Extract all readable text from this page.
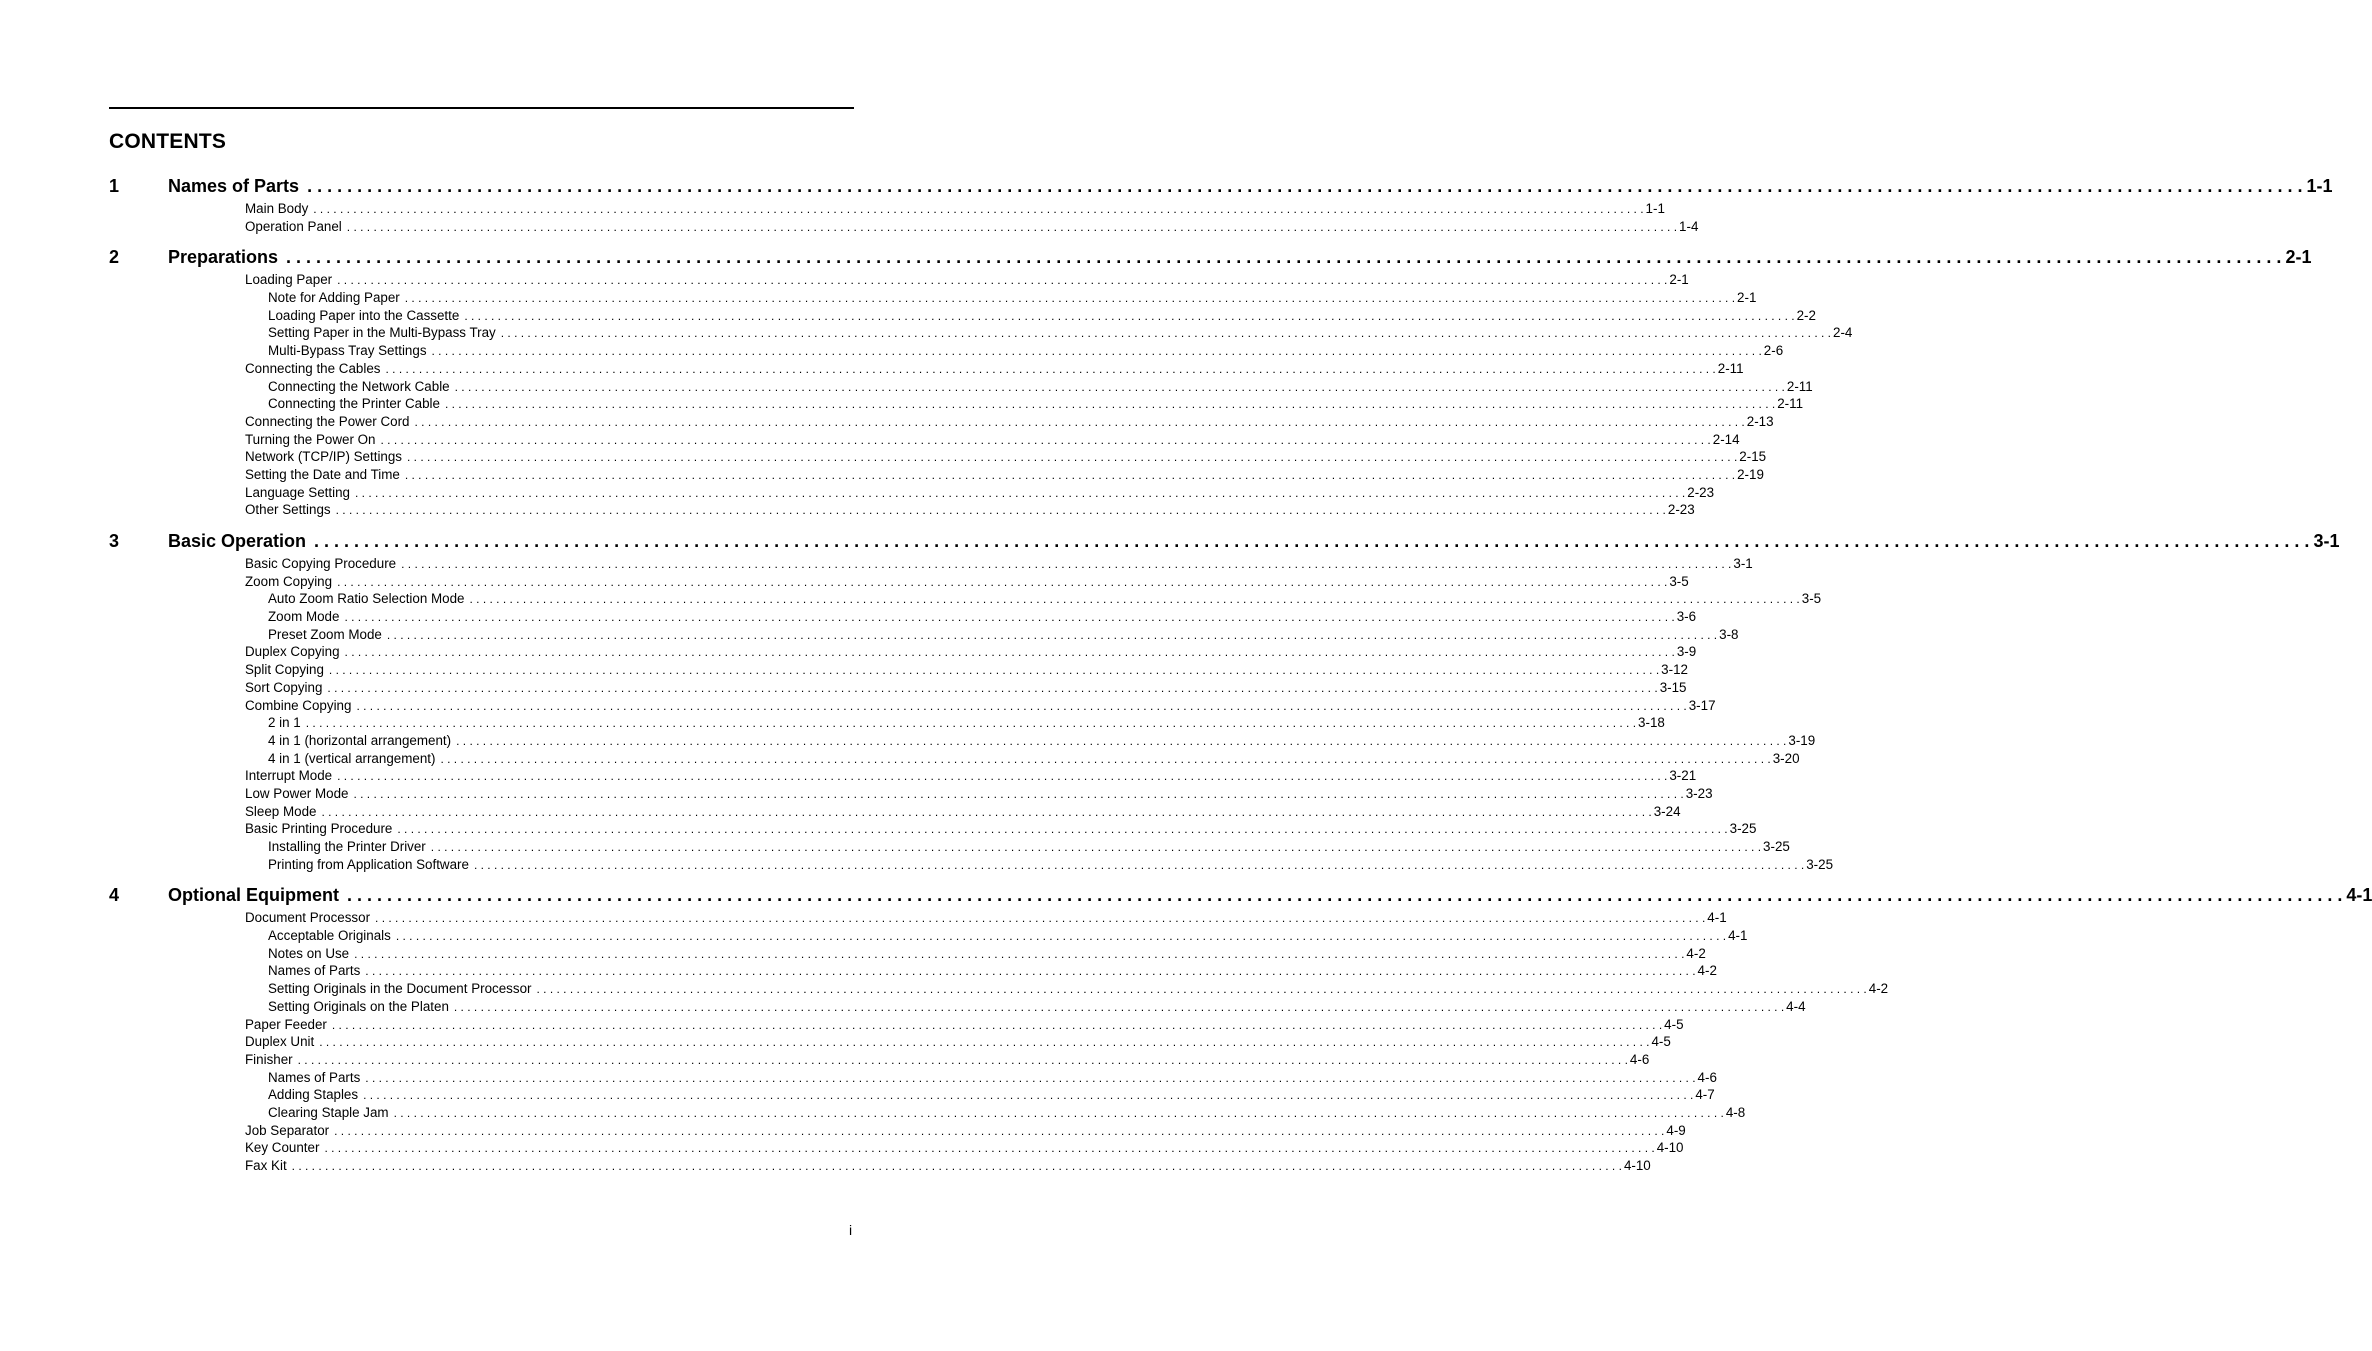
CONTENTS
1	Names of Parts . . . . . . . . . . . . . . . . . . . . . . . . . . . . . . . . . . . . . . . . . . . . . . . . . . . . . . . . . . . . . . . . . . . . . . . . . . . . . . . . . . . . . . . . . . . . . . . . . . . . . . . . . . . . . . . . . . . . . . . . . . . . . . . . . . . . . . . . . . . . . . . . . . . . . . . . . . . . . . . . . . . . . . . . . . . . . . . . . . . . . . . . . . . . . . . . . . . . . . . . 1-1
Main Body . . . . . . . . . . . . . . . . . . . . . . . . . . . . . . . . . . . . . . . . . . . . . . . . . . . . . . . . . . . . . . . . . . . . . . . . . . . . . . . . . . . . . . . . . . . . . . . . . . . . . . . . . . . . . . . . . . . . . . . . . . . . . . . . . . . . . . . . . . . . . . . . . . . . . . . . . . . . . . . . . . . . . . . . . . . . . . . . . . . . . . . . . . . . . . . . . . . . . . . . 1-1
Operation Panel . . . . . . . . . . . . . . . . . . . . . . . . . . . . . . . . . . . . . . . . . . . . . . . . . . . . . . . . . . . . . . . . . . . . . . . . . . . . . . . . . . . . . . . . . . . . . . . . . . . . . . . . . . . . . . . . . . . . . . . . . . . . . . . . . . . . . . . . . . . . . . . . . . . . . . . . . . . . . . . . . . . . . . . . . . . . . . . . . . . . . . . . . . . . . . . . . . . . . . . . 1-4
2	Preparations . . . . . . . . . . . . . . . . . . . . . . . . . . . . . . . . . . . . . . . . . . . . . . . . . . . . . . . . . . . . . . . . . . . . . . . . . . . . . . . . . . . . . . . . . . . . . . . . . . . . . . . . . . . . . . . . . . . . . . . . . . . . . . . . . . . . . . . . . . . . . . . . . . . . . . . . . . . . . . . . . . . . . . . . . . . . . . . . . . . . . . . . . . . . . . . . . . . . . . . . 2-1
Loading Paper . . . . . . . . . . . . . . . . . . . . . . . . . . . . . . . . . . . . . . . . . . . . . . . . . . . . . . . . . . . . . . . . . . . . . . . . . . . . . . . . . . . . . . . . . . . . . . . . . . . . . . . . . . . . . . . . . . . . . . . . . . . . . . . . . . . . . . . . . . . . . . . . . . . . . . . . . . . . . . . . . . . . . . . . . . . . . . . . . . . . . . . . . . . . . . . . . . . . . . . . 2-1
Note for Adding Paper . . . . . . . . . . . . . . . . . . . . . . . . . . . . . . . . . . . . . . . . . . . . . . . . . . . . . . . . . . . . . . . . . . . . . . . . . . . . . . . . . . . . . . . . . . . . . . . . . . . . . . . . . . . . . . . . . . . . . . . . . . . . . . . . . . . . . . . . . . . . . . . . . . . . . . . . . . . . . . . . . . . . . . . . . . . . . . . . . . . . . . . . . . . . . . . . . . . . . . . . 2-1
Loading Paper into the Cassette . . . . . . . . . . . . . . . . . . . . . . . . . . . . . . . . . . . . . . . . . . . . . . . . . . . . . . . . . . . . . . . . . . . . . . . . . . . . . . . . . . . . . . . . . . . . . . . . . . . . . . . . . . . . . . . . . . . . . . . . . . . . . . . . . . . . . . . . . . . . . . . . . . . . . . . . . . . . . . . . . . . . . . . . . . . . . . . . . . . . . . . . . . . . . . . . . . . . . . . . 2-2
Setting Paper in the Multi-Bypass Tray . . . . . . . . . . . . . . . . . . . . . . . . . . . . . . . . . . . . . . . . . . . . . . . . . . . . . . . . . . . . . . . . . . . . . . . . . . . . . . . . . . . . . . . . . . . . . . . . . . . . . . . . . . . . . . . . . . . . . . . . . . . . . . . . . . . . . . . . . . . . . . . . . . . . . . . . . . . . . . . . . . . . . . . . . . . . . . . . . . . . . . . . . . . . . . . . . . . . . . . . 2-4
Multi-Bypass Tray Settings . . . . . . . . . . . . . . . . . . . . . . . . . . . . . . . . . . . . . . . . . . . . . . . . . . . . . . . . . . . . . . . . . . . . . . . . . . . . . . . . . . . . . . . . . . . . . . . . . . . . . . . . . . . . . . . . . . . . . . . . . . . . . . . . . . . . . . . . . . . . . . . . . . . . . . . . . . . . . . . . . . . . . . . . . . . . . . . . . . . . . . . . . . . . . . . . . . . . . . . . 2-6
Connecting the Cables . . . . . . . . . . . . . . . . . . . . . . . . . . . . . . . . . . . . . . . . . . . . . . . . . . . . . . . . . . . . . . . . . . . . . . . . . . . . . . . . . . . . . . . . . . . . . . . . . . . . . . . . . . . . . . . . . . . . . . . . . . . . . . . . . . . . . . . . . . . . . . . . . . . . . . . . . . . . . . . . . . . . . . . . . . . . . . . . . . . . . . . . . . . . . . . . . . . . . . . . 2-11
Connecting the Network Cable . . . . . . . . . . . . . . . . . . . . . . . . . . . . . . . . . . . . . . . . . . . . . . . . . . . . . . . . . . . . . . . . . . . . . . . . . . . . . . . . . . . . . . . . . . . . . . . . . . . . . . . . . . . . . . . . . . . . . . . . . . . . . . . . . . . . . . . . . . . . . . . . . . . . . . . . . . . . . . . . . . . . . . . . . . . . . . . . . . . . . . . . . . . . . . . . . . . . . . . . 2-11
Connecting the Printer Cable . . . . . . . . . . . . . . . . . . . . . . . . . . . . . . . . . . . . . . . . . . . . . . . . . . . . . . . . . . . . . . . . . . . . . . . . . . . . . . . . . . . . . . . . . . . . . . . . . . . . . . . . . . . . . . . . . . . . . . . . . . . . . . . . . . . . . . . . . . . . . . . . . . . . . . . . . . . . . . . . . . . . . . . . . . . . . . . . . . . . . . . . . . . . . . . . . . . . . . . . 2-11
Connecting the Power Cord . . . . . . . . . . . . . . . . . . . . . . . . . . . . . . . . . . . . . . . . . . . . . . . . . . . . . . . . . . . . . . . . . . . . . . . . . . . . . . . . . . . . . . . . . . . . . . . . . . . . . . . . . . . . . . . . . . . . . . . . . . . . . . . . . . . . . . . . . . . . . . . . . . . . . . . . . . . . . . . . . . . . . . . . . . . . . . . . . . . . . . . . . . . . . . . . . . . . . . . . 2-13
Turning the Power On . . . . . . . . . . . . . . . . . . . . . . . . . . . . . . . . . . . . . . . . . . . . . . . . . . . . . . . . . . . . . . . . . . . . . . . . . . . . . . . . . . . . . . . . . . . . . . . . . . . . . . . . . . . . . . . . . . . . . . . . . . . . . . . . . . . . . . . . . . . . . . . . . . . . . . . . . . . . . . . . . . . . . . . . . . . . . . . . . . . . . . . . . . . . . . . . . . . . . . . . 2-14
Network (TCP/IP) Settings . . . . . . . . . . . . . . . . . . . . . . . . . . . . . . . . . . . . . . . . . . . . . . . . . . . . . . . . . . . . . . . . . . . . . . . . . . . . . . . . . . . . . . . . . . . . . . . . . . . . . . . . . . . . . . . . . . . . . . . . . . . . . . . . . . . . . . . . . . . . . . . . . . . . . . . . . . . . . . . . . . . . . . . . . . . . . . . . . . . . . . . . . . . . . . . . . . . . . . . . 2-15
Setting the Date and Time . . . . . . . . . . . . . . . . . . . . . . . . . . . . . . . . . . . . . . . . . . . . . . . . . . . . . . . . . . . . . . . . . . . . . . . . . . . . . . . . . . . . . . . . . . . . . . . . . . . . . . . . . . . . . . . . . . . . . . . . . . . . . . . . . . . . . . . . . . . . . . . . . . . . . . . . . . . . . . . . . . . . . . . . . . . . . . . . . . . . . . . . . . . . . . . . . . . . . . . . 2-19
Language Setting . . . . . . . . . . . . . . . . . . . . . . . . . . . . . . . . . . . . . . . . . . . . . . . . . . . . . . . . . . . . . . . . . . . . . . . . . . . . . . . . . . . . . . . . . . . . . . . . . . . . . . . . . . . . . . . . . . . . . . . . . . . . . . . . . . . . . . . . . . . . . . . . . . . . . . . . . . . . . . . . . . . . . . . . . . . . . . . . . . . . . . . . . . . . . . . . . . . . . . . . 2-23
Other Settings . . . . . . . . . . . . . . . . . . . . . . . . . . . . . . . . . . . . . . . . . . . . . . . . . . . . . . . . . . . . . . . . . . . . . . . . . . . . . . . . . . . . . . . . . . . . . . . . . . . . . . . . . . . . . . . . . . . . . . . . . . . . . . . . . . . . . . . . . . . . . . . . . . . . . . . . . . . . . . . . . . . . . . . . . . . . . . . . . . . . . . . . . . . . . . . . . . . . . . . . 2-23
3	Basic Operation . . . . . . . . . . . . . . . . . . . . . . . . . . . . . . . . . . . . . . . . . . . . . . . . . . . . . . . . . . . . . . . . . . . . . . . . . . . . . . . . . . . . . . . . . . . . . . . . . . . . . . . . . . . . . . . . . . . . . . . . . . . . . . . . . . . . . . . . . . . . . . . . . . . . . . . . . . . . . . . . . . . . . . . . . . . . . . . . . . . . . . . . . . . . . . . . . . . . . . . . 3-1
Basic Copying Procedure . . . . . . . . . . . . . . . . . . . . . . . . . . . . . . . . . . . . . . . . . . . . . . . . . . . . . . . . . . . . . . . . . . . . . . . . . . . . . . . . . . . . . . . . . . . . . . . . . . . . . . . . . . . . . . . . . . . . . . . . . . . . . . . . . . . . . . . . . . . . . . . . . . . . . . . . . . . . . . . . . . . . . . . . . . . . . . . . . . . . . . . . . . . . . . . . . . . . . . . . 3-1
Zoom Copying . . . . . . . . . . . . . . . . . . . . . . . . . . . . . . . . . . . . . . . . . . . . . . . . . . . . . . . . . . . . . . . . . . . . . . . . . . . . . . . . . . . . . . . . . . . . . . . . . . . . . . . . . . . . . . . . . . . . . . . . . . . . . . . . . . . . . . . . . . . . . . . . . . . . . . . . . . . . . . . . . . . . . . . . . . . . . . . . . . . . . . . . . . . . . . . . . . . . . . . . 3-5
Auto Zoom Ratio Selection Mode . . . . . . . . . . . . . . . . . . . . . . . . . . . . . . . . . . . . . . . . . . . . . . . . . . . . . . . . . . . . . . . . . . . . . . . . . . . . . . . . . . . . . . . . . . . . . . . . . . . . . . . . . . . . . . . . . . . . . . . . . . . . . . . . . . . . . . . . . . . . . . . . . . . . . . . . . . . . . . . . . . . . . . . . . . . . . . . . . . . . . . . . . . . . . . . . . . . . . . . . 3-5
Zoom Mode . . . . . . . . . . . . . . . . . . . . . . . . . . . . . . . . . . . . . . . . . . . . . . . . . . . . . . . . . . . . . . . . . . . . . . . . . . . . . . . . . . . . . . . . . . . . . . . . . . . . . . . . . . . . . . . . . . . . . . . . . . . . . . . . . . . . . . . . . . . . . . . . . . . . . . . . . . . . . . . . . . . . . . . . . . . . . . . . . . . . . . . . . . . . . . . . . . . . . . . . 3-6
Preset Zoom Mode . . . . . . . . . . . . . . . . . . . . . . . . . . . . . . . . . . . . . . . . . . . . . . . . . . . . . . . . . . . . . . . . . . . . . . . . . . . . . . . . . . . . . . . . . . . . . . . . . . . . . . . . . . . . . . . . . . . . . . . . . . . . . . . . . . . . . . . . . . . . . . . . . . . . . . . . . . . . . . . . . . . . . . . . . . . . . . . . . . . . . . . . . . . . . . . . . . . . . . . . 3-8
Duplex Copying . . . . . . . . . . . . . . . . . . . . . . . . . . . . . . . . . . . . . . . . . . . . . . . . . . . . . . . . . . . . . . . . . . . . . . . . . . . . . . . . . . . . . . . . . . . . . . . . . . . . . . . . . . . . . . . . . . . . . . . . . . . . . . . . . . . . . . . . . . . . . . . . . . . . . . . . . . . . . . . . . . . . . . . . . . . . . . . . . . . . . . . . . . . . . . . . . . . . . . . . 3-9
Split Copying . . . . . . . . . . . . . . . . . . . . . . . . . . . . . . . . . . . . . . . . . . . . . . . . . . . . . . . . . . . . . . . . . . . . . . . . . . . . . . . . . . . . . . . . . . . . . . . . . . . . . . . . . . . . . . . . . . . . . . . . . . . . . . . . . . . . . . . . . . . . . . . . . . . . . . . . . . . . . . . . . . . . . . . . . . . . . . . . . . . . . . . . . . . . . . . . . . . . . . . . 3-12
Sort Copying . . . . . . . . . . . . . . . . . . . . . . . . . . . . . . . . . . . . . . . . . . . . . . . . . . . . . . . . . . . . . . . . . . . . . . . . . . . . . . . . . . . . . . . . . . . . . . . . . . . . . . . . . . . . . . . . . . . . . . . . . . . . . . . . . . . . . . . . . . . . . . . . . . . . . . . . . . . . . . . . . . . . . . . . . . . . . . . . . . . . . . . . . . . . . . . . . . . . . . . . 3-15
Combine Copying . . . . . . . . . . . . . . . . . . . . . . . . . . . . . . . . . . . . . . . . . . . . . . . . . . . . . . . . . . . . . . . . . . . . . . . . . . . . . . . . . . . . . . . . . . . . . . . . . . . . . . . . . . . . . . . . . . . . . . . . . . . . . . . . . . . . . . . . . . . . . . . . . . . . . . . . . . . . . . . . . . . . . . . . . . . . . . . . . . . . . . . . . . . . . . . . . . . . . . . . 3-17
2 in 1 . . . . . . . . . . . . . . . . . . . . . . . . . . . . . . . . . . . . . . . . . . . . . . . . . . . . . . . . . . . . . . . . . . . . . . . . . . . . . . . . . . . . . . . . . . . . . . . . . . . . . . . . . . . . . . . . . . . . . . . . . . . . . . . . . . . . . . . . . . . . . . . . . . . . . . . . . . . . . . . . . . . . . . . . . . . . . . . . . . . . . . . . . . . . . . . . . . . . . . . . 3-18
4 in 1 (horizontal arrangement) . . . . . . . . . . . . . . . . . . . . . . . . . . . . . . . . . . . . . . . . . . . . . . . . . . . . . . . . . . . . . . . . . . . . . . . . . . . . . . . . . . . . . . . . . . . . . . . . . . . . . . . . . . . . . . . . . . . . . . . . . . . . . . . . . . . . . . . . . . . . . . . . . . . . . . . . . . . . . . . . . . . . . . . . . . . . . . . . . . . . . . . . . . . . . . . . . . . . . . . . 3-19
4 in 1 (vertical arrangement) . . . . . . . . . . . . . . . . . . . . . . . . . . . . . . . . . . . . . . . . . . . . . . . . . . . . . . . . . . . . . . . . . . . . . . . . . . . . . . . . . . . . . . . . . . . . . . . . . . . . . . . . . . . . . . . . . . . . . . . . . . . . . . . . . . . . . . . . . . . . . . . . . . . . . . . . . . . . . . . . . . . . . . . . . . . . . . . . . . . . . . . . . . . . . . . . . . . . . . . . 3-20
Interrupt Mode . . . . . . . . . . . . . . . . . . . . . . . . . . . . . . . . . . . . . . . . . . . . . . . . . . . . . . . . . . . . . . . . . . . . . . . . . . . . . . . . . . . . . . . . . . . . . . . . . . . . . . . . . . . . . . . . . . . . . . . . . . . . . . . . . . . . . . . . . . . . . . . . . . . . . . . . . . . . . . . . . . . . . . . . . . . . . . . . . . . . . . . . . . . . . . . . . . . . . . . . 3-21
Low Power Mode . . . . . . . . . . . . . . . . . . . . . . . . . . . . . . . . . . . . . . . . . . . . . . . . . . . . . . . . . . . . . . . . . . . . . . . . . . . . . . . . . . . . . . . . . . . . . . . . . . . . . . . . . . . . . . . . . . . . . . . . . . . . . . . . . . . . . . . . . . . . . . . . . . . . . . . . . . . . . . . . . . . . . . . . . . . . . . . . . . . . . . . . . . . . . . . . . . . . . . . . 3-23
Sleep Mode . . . . . . . . . . . . . . . . . . . . . . . . . . . . . . . . . . . . . . . . . . . . . . . . . . . . . . . . . . . . . . . . . . . . . . . . . . . . . . . . . . . . . . . . . . . . . . . . . . . . . . . . . . . . . . . . . . . . . . . . . . . . . . . . . . . . . . . . . . . . . . . . . . . . . . . . . . . . . . . . . . . . . . . . . . . . . . . . . . . . . . . . . . . . . . . . . . . . . . . . 3-24
Basic Printing Procedure . . . . . . . . . . . . . . . . . . . . . . . . . . . . . . . . . . . . . . . . . . . . . . . . . . . . . . . . . . . . . . . . . . . . . . . . . . . . . . . . . . . . . . . . . . . . . . . . . . . . . . . . . . . . . . . . . . . . . . . . . . . . . . . . . . . . . . . . . . . . . . . . . . . . . . . . . . . . . . . . . . . . . . . . . . . . . . . . . . . . . . . . . . . . . . . . . . . . . . . . 3-25
Installing the Printer Driver . . . . . . . . . . . . . . . . . . . . . . . . . . . . . . . . . . . . . . . . . . . . . . . . . . . . . . . . . . . . . . . . . . . . . . . . . . . . . . . . . . . . . . . . . . . . . . . . . . . . . . . . . . . . . . . . . . . . . . . . . . . . . . . . . . . . . . . . . . . . . . . . . . . . . . . . . . . . . . . . . . . . . . . . . . . . . . . . . . . . . . . . . . . . . . . . . . . . . . . . 3-25
Printing from Application Software . . . . . . . . . . . . . . . . . . . . . . . . . . . . . . . . . . . . . . . . . . . . . . . . . . . . . . . . . . . . . . . . . . . . . . . . . . . . . . . . . . . . . . . . . . . . . . . . . . . . . . . . . . . . . . . . . . . . . . . . . . . . . . . . . . . . . . . . . . . . . . . . . . . . . . . . . . . . . . . . . . . . . . . . . . . . . . . . . . . . . . . . . . . . . . . . . . . . . . . . 3-25
4	Optional Equipment . . . . . . . . . . . . . . . . . . . . . . . . . . . . . . . . . . . . . . . . . . . . . . . . . . . . . . . . . . . . . . . . . . . . . . . . . . . . . . . . . . . . . . . . . . . . . . . . . . . . . . . . . . . . . . . . . . . . . . . . . . . . . . . . . . . . . . . . . . . . . . . . . . . . . . . . . . . . . . . . . . . . . . . . . . . . . . . . . . . . . . . . . . . . . . . . . . . . . . . . 4-1
Document Processor . . . . . . . . . . . . . . . . . . . . . . . . . . . . . . . . . . . . . . . . . . . . . . . . . . . . . . . . . . . . . . . . . . . . . . . . . . . . . . . . . . . . . . . . . . . . . . . . . . . . . . . . . . . . . . . . . . . . . . . . . . . . . . . . . . . . . . . . . . . . . . . . . . . . . . . . . . . . . . . . . . . . . . . . . . . . . . . . . . . . . . . . . . . . . . . . . . . . . . . . 4-1
Acceptable Originals . . . . . . . . . . . . . . . . . . . . . . . . . . . . . . . . . . . . . . . . . . . . . . . . . . . . . . . . . . . . . . . . . . . . . . . . . . . . . . . . . . . . . . . . . . . . . . . . . . . . . . . . . . . . . . . . . . . . . . . . . . . . . . . . . . . . . . . . . . . . . . . . . . . . . . . . . . . . . . . . . . . . . . . . . . . . . . . . . . . . . . . . . . . . . . . . . . . . . . . . 4-1
Notes on Use . . . . . . . . . . . . . . . . . . . . . . . . . . . . . . . . . . . . . . . . . . . . . . . . . . . . . . . . . . . . . . . . . . . . . . . . . . . . . . . . . . . . . . . . . . . . . . . . . . . . . . . . . . . . . . . . . . . . . . . . . . . . . . . . . . . . . . . . . . . . . . . . . . . . . . . . . . . . . . . . . . . . . . . . . . . . . . . . . . . . . . . . . . . . . . . . . . . . . . . . 4-2
Names of Parts . . . . . . . . . . . . . . . . . . . . . . . . . . . . . . . . . . . . . . . . . . . . . . . . . . . . . . . . . . . . . . . . . . . . . . . . . . . . . . . . . . . . . . . . . . . . . . . . . . . . . . . . . . . . . . . . . . . . . . . . . . . . . . . . . . . . . . . . . . . . . . . . . . . . . . . . . . . . . . . . . . . . . . . . . . . . . . . . . . . . . . . . . . . . . . . . . . . . . . . . 4-2
Setting Originals in the Document Processor . . . . . . . . . . . . . . . . . . . . . . . . . . . . . . . . . . . . . . . . . . . . . . . . . . . . . . . . . . . . . . . . . . . . . . . . . . . . . . . . . . . . . . . . . . . . . . . . . . . . . . . . . . . . . . . . . . . . . . . . . . . . . . . . . . . . . . . . . . . . . . . . . . . . . . . . . . . . . . . . . . . . . . . . . . . . . . . . . . . . . . . . . . . . . . . . . . . . . . . . 4-2
Setting Originals on the Platen . . . . . . . . . . . . . . . . . . . . . . . . . . . . . . . . . . . . . . . . . . . . . . . . . . . . . . . . . . . . . . . . . . . . . . . . . . . . . . . . . . . . . . . . . . . . . . . . . . . . . . . . . . . . . . . . . . . . . . . . . . . . . . . . . . . . . . . . . . . . . . . . . . . . . . . . . . . . . . . . . . . . . . . . . . . . . . . . . . . . . . . . . . . . . . . . . . . . . . . . 4-4
Paper Feeder . . . . . . . . . . . . . . . . . . . . . . . . . . . . . . . . . . . . . . . . . . . . . . . . . . . . . . . . . . . . . . . . . . . . . . . . . . . . . . . . . . . . . . . . . . . . . . . . . . . . . . . . . . . . . . . . . . . . . . . . . . . . . . . . . . . . . . . . . . . . . . . . . . . . . . . . . . . . . . . . . . . . . . . . . . . . . . . . . . . . . . . . . . . . . . . . . . . . . . . . 4-5
Duplex Unit . . . . . . . . . . . . . . . . . . . . . . . . . . . . . . . . . . . . . . . . . . . . . . . . . . . . . . . . . . . . . . . . . . . . . . . . . . . . . . . . . . . . . . . . . . . . . . . . . . . . . . . . . . . . . . . . . . . . . . . . . . . . . . . . . . . . . . . . . . . . . . . . . . . . . . . . . . . . . . . . . . . . . . . . . . . . . . . . . . . . . . . . . . . . . . . . . . . . . . . . 4-5
Finisher . . . . . . . . . . . . . . . . . . . . . . . . . . . . . . . . . . . . . . . . . . . . . . . . . . . . . . . . . . . . . . . . . . . . . . . . . . . . . . . . . . . . . . . . . . . . . . . . . . . . . . . . . . . . . . . . . . . . . . . . . . . . . . . . . . . . . . . . . . . . . . . . . . . . . . . . . . . . . . . . . . . . . . . . . . . . . . . . . . . . . . . . . . . . . . . . . . . . . . . . 4-6
Names of Parts . . . . . . . . . . . . . . . . . . . . . . . . . . . . . . . . . . . . . . . . . . . . . . . . . . . . . . . . . . . . . . . . . . . . . . . . . . . . . . . . . . . . . . . . . . . . . . . . . . . . . . . . . . . . . . . . . . . . . . . . . . . . . . . . . . . . . . . . . . . . . . . . . . . . . . . . . . . . . . . . . . . . . . . . . . . . . . . . . . . . . . . . . . . . . . . . . . . . . . . . 4-6
Adding Staples . . . . . . . . . . . . . . . . . . . . . . . . . . . . . . . . . . . . . . . . . . . . . . . . . . . . . . . . . . . . . . . . . . . . . . . . . . . . . . . . . . . . . . . . . . . . . . . . . . . . . . . . . . . . . . . . . . . . . . . . . . . . . . . . . . . . . . . . . . . . . . . . . . . . . . . . . . . . . . . . . . . . . . . . . . . . . . . . . . . . . . . . . . . . . . . . . . . . . . . . 4-7
Clearing Staple Jam . . . . . . . . . . . . . . . . . . . . . . . . . . . . . . . . . . . . . . . . . . . . . . . . . . . . . . . . . . . . . . . . . . . . . . . . . . . . . . . . . . . . . . . . . . . . . . . . . . . . . . . . . . . . . . . . . . . . . . . . . . . . . . . . . . . . . . . . . . . . . . . . . . . . . . . . . . . . . . . . . . . . . . . . . . . . . . . . . . . . . . . . . . . . . . . . . . . . . . . . 4-8
Job Separator . . . . . . . . . . . . . . . . . . . . . . . . . . . . . . . . . . . . . . . . . . . . . . . . . . . . . . . . . . . . . . . . . . . . . . . . . . . . . . . . . . . . . . . . . . . . . . . . . . . . . . . . . . . . . . . . . . . . . . . . . . . . . . . . . . . . . . . . . . . . . . . . . . . . . . . . . . . . . . . . . . . . . . . . . . . . . . . . . . . . . . . . . . . . . . . . . . . . . . . . 4-9
Key Counter . . . . . . . . . . . . . . . . . . . . . . . . . . . . . . . . . . . . . . . . . . . . . . . . . . . . . . . . . . . . . . . . . . . . . . . . . . . . . . . . . . . . . . . . . . . . . . . . . . . . . . . . . . . . . . . . . . . . . . . . . . . . . . . . . . . . . . . . . . . . . . . . . . . . . . . . . . . . . . . . . . . . . . . . . . . . . . . . . . . . . . . . . . . . . . . . . . . . . . . . 4-10
Fax Kit . . . . . . . . . . . . . . . . . . . . . . . . . . . . . . . . . . . . . . . . . . . . . . . . . . . . . . . . . . . . . . . . . . . . . . . . . . . . . . . . . . . . . . . . . . . . . . . . . . . . . . . . . . . . . . . . . . . . . . . . . . . . . . . . . . . . . . . . . . . . . . . . . . . . . . . . . . . . . . . . . . . . . . . . . . . . . . . . . . . . . . . . . . . . . . . . . . . . . . . . 4-10
i
